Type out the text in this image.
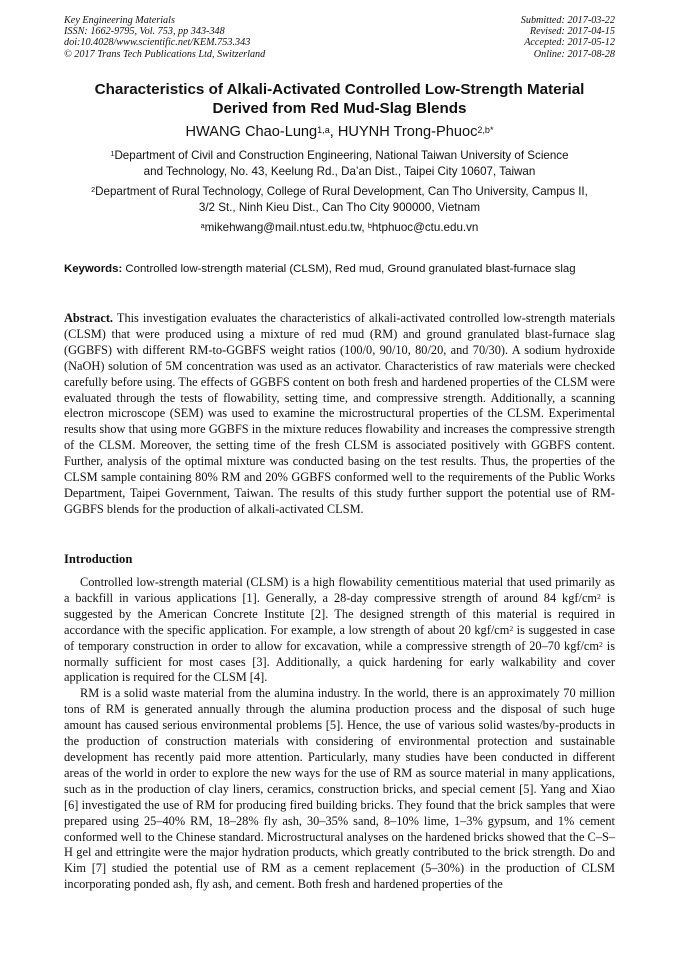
Key Engineering Materials
ISSN: 1662-9795, Vol. 753, pp 343-348
doi:10.4028/www.scientific.net/KEM.753.343
© 2017 Trans Tech Publications Ltd, Switzerland
Submitted: 2017-03-22
Revised: 2017-04-15
Accepted: 2017-05-12
Online: 2017-08-28
Characteristics of Alkali-Activated Controlled Low-Strength Material
Derived from Red Mud-Slag Blends
HWANG Chao-Lung$^{1,a}$, HUYNH Trong-Phuoc$^{2,b*}$
$^1$Department of Civil and Construction Engineering, National Taiwan University of Science
and Technology, No. 43, Keelung Rd., Da’an Dist., Taipei City 10607, Taiwan
$^2$Department of Rural Technology, College of Rural Development, Can Tho University, Campus II,
3/2 St., Ninh Kieu Dist., Can Tho City 900000, Vietnam
$^a$mikehwang@mail.ntust.edu.tw, $^b$htphuoc@ctu.edu.vn
Keywords: Controlled low-strength material (CLSM), Red mud, Ground granulated blast-furnace slag
Abstract. This investigation evaluates the characteristics of alkali-activated controlled low-strength materials (CLSM) that were produced using a mixture of red mud (RM) and ground granulated blast-furnace slag (GGBFS) with different RM-to-GGBFS weight ratios (100/0, 90/10, 80/20, and 70/30). A sodium hydroxide (NaOH) solution of 5M concentration was used as an activator. Characteristics of raw materials were checked carefully before using. The effects of GGBFS content on both fresh and hardened properties of the CLSM were evaluated through the tests of flowability, setting time, and compressive strength. Additionally, a scanning electron microscope (SEM) was used to examine the microstructural properties of the CLSM. Experimental results show that using more GGBFS in the mixture reduces flowability and increases the compressive strength of the CLSM. Moreover, the setting time of the fresh CLSM is associated positively with GGBFS content. Further, analysis of the optimal mixture was conducted basing on the test results. Thus, the properties of the CLSM sample containing 80% RM and 20% GGBFS conformed well to the requirements of the Public Works Department, Taipei Government, Taiwan. The results of this study further support the potential use of RM-GGBFS blends for the production of alkali-activated CLSM.
Introduction

Controlled low-strength material (CLSM) is a high flowability cementitious material that used primarily as a backfill in various applications [1]. Generally, a 28-day compressive strength of around 84 kgf/$cm^2$ is suggested by the American Concrete Institute [2]. The designed strength of this material is required in accordance with the specific application. For example, a low strength of about 20 kgf/$cm^2$ is suggested in case of temporary construction in order to allow for excavation, while a compressive strength of 20–70 kgf/$cm^2$ is normally sufficient for most cases [3]. Additionally, a quick hardening for early walkability and cover application is required for the CLSM [4].

RM is a solid waste material from the alumina industry. In the world, there is an approximately 70 million tons of RM is generated annually through the alumina production process and the disposal of such huge amount has caused serious environmental problems [5]. Hence, the use of various solid wastes/by-products in the production of construction materials with considering of environmental protection and sustainable development has recently paid more attention. Particularly, many studies have been conducted in different areas of the world in order to explore the new ways for the use of RM as source material in many applications, such as in the production of clay liners, ceramics, construction bricks, and special cement [5]. Yang and Xiao [6] investigated the use of RM for producing fired building bricks. They found that the brick samples that were prepared using 25–40% RM, 18–28% fly ash, 30–35% sand, 8–10% lime, 1–3% gypsum, and 1% cement conformed well to the Chinese standard. Microstructural analyses on the hardened bricks showed that the C–S–H gel and ettringite were the major hydration products, which greatly contributed to the brick strength. Do and Kim [7] studied the potential use of RM as a cement replacement (5–30%) in the production of CLSM incorporating ponded ash, fly ash, and cement. Both fresh and hardened properties of the
